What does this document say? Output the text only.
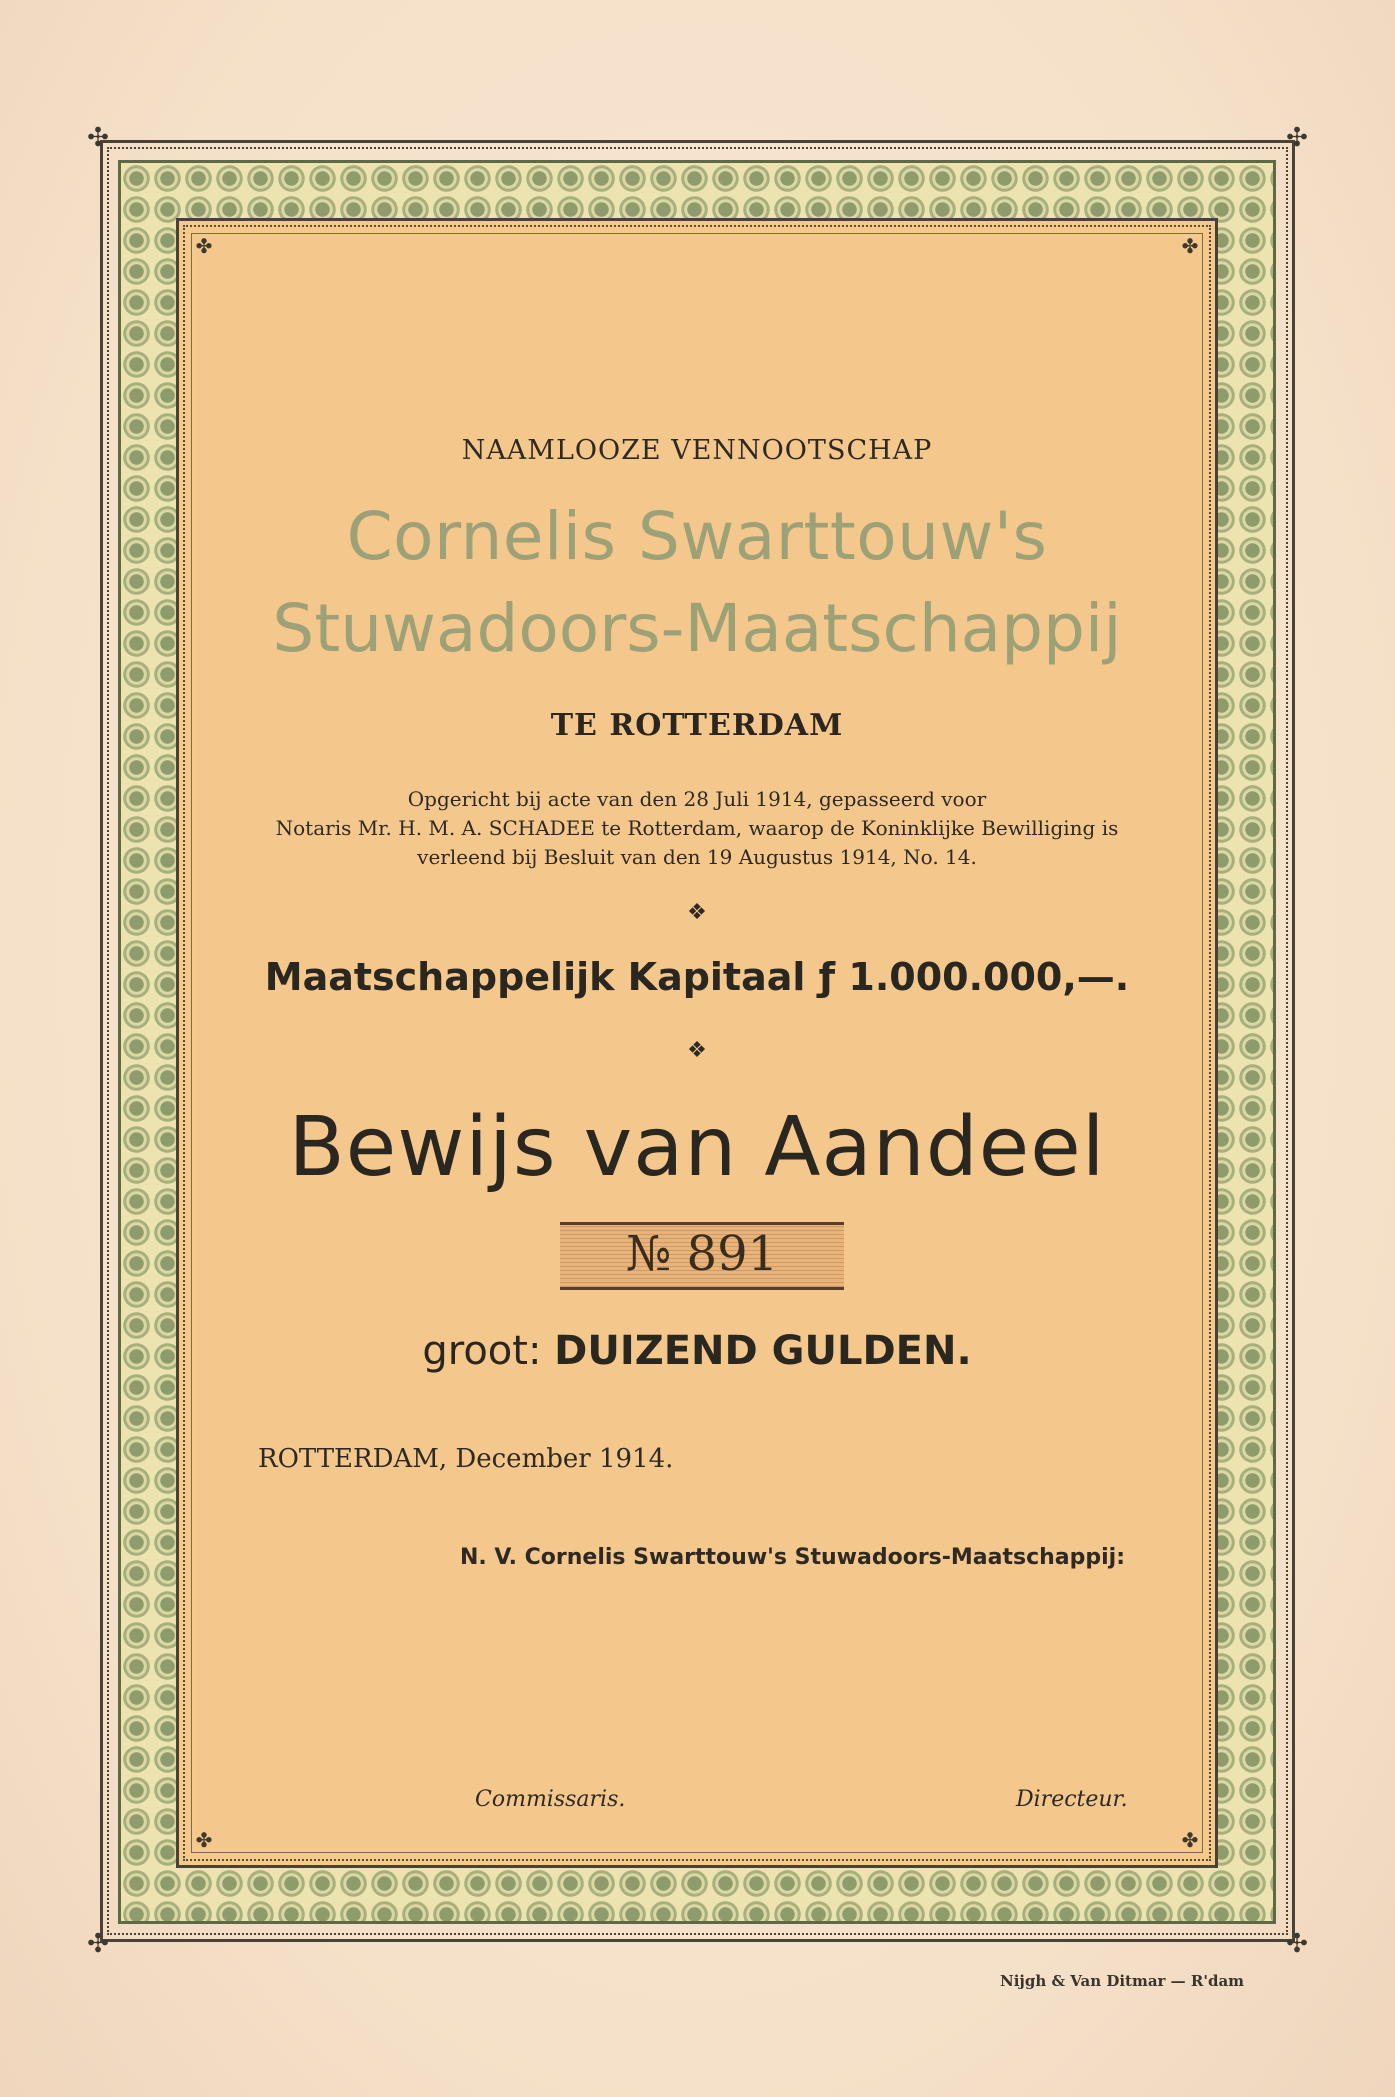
✣	✣
✣	✣
✤	✤
✤	✤
NAAMLOOZE VENNOOTSCHAP
Cornelis Swarttouw's
Stuwadoors-Maatschappij
TE ROTTERDAM
Opgericht bij acte van den 28 Juli 1914, gepasseerd voor
Notaris Mr. H. M. A. SCHADEE te Rotterdam, waarop de Koninklijke Bewilliging is
verleend bij Besluit van den 19 Augustus 1914, No. 14.
❖
Maatschappelijk Kapitaal ƒ 1.000.000,—.
❖
Bewijs van Aandeel
№ 891
groot: DUIZEND GULDEN.
ROTTERDAM, December 1914.
N. V. Cornelis Swarttouw's Stuwadoors-Maatschappij:
Commissaris.	Directeur.
Nijgh & Van Ditmar — R'dam
